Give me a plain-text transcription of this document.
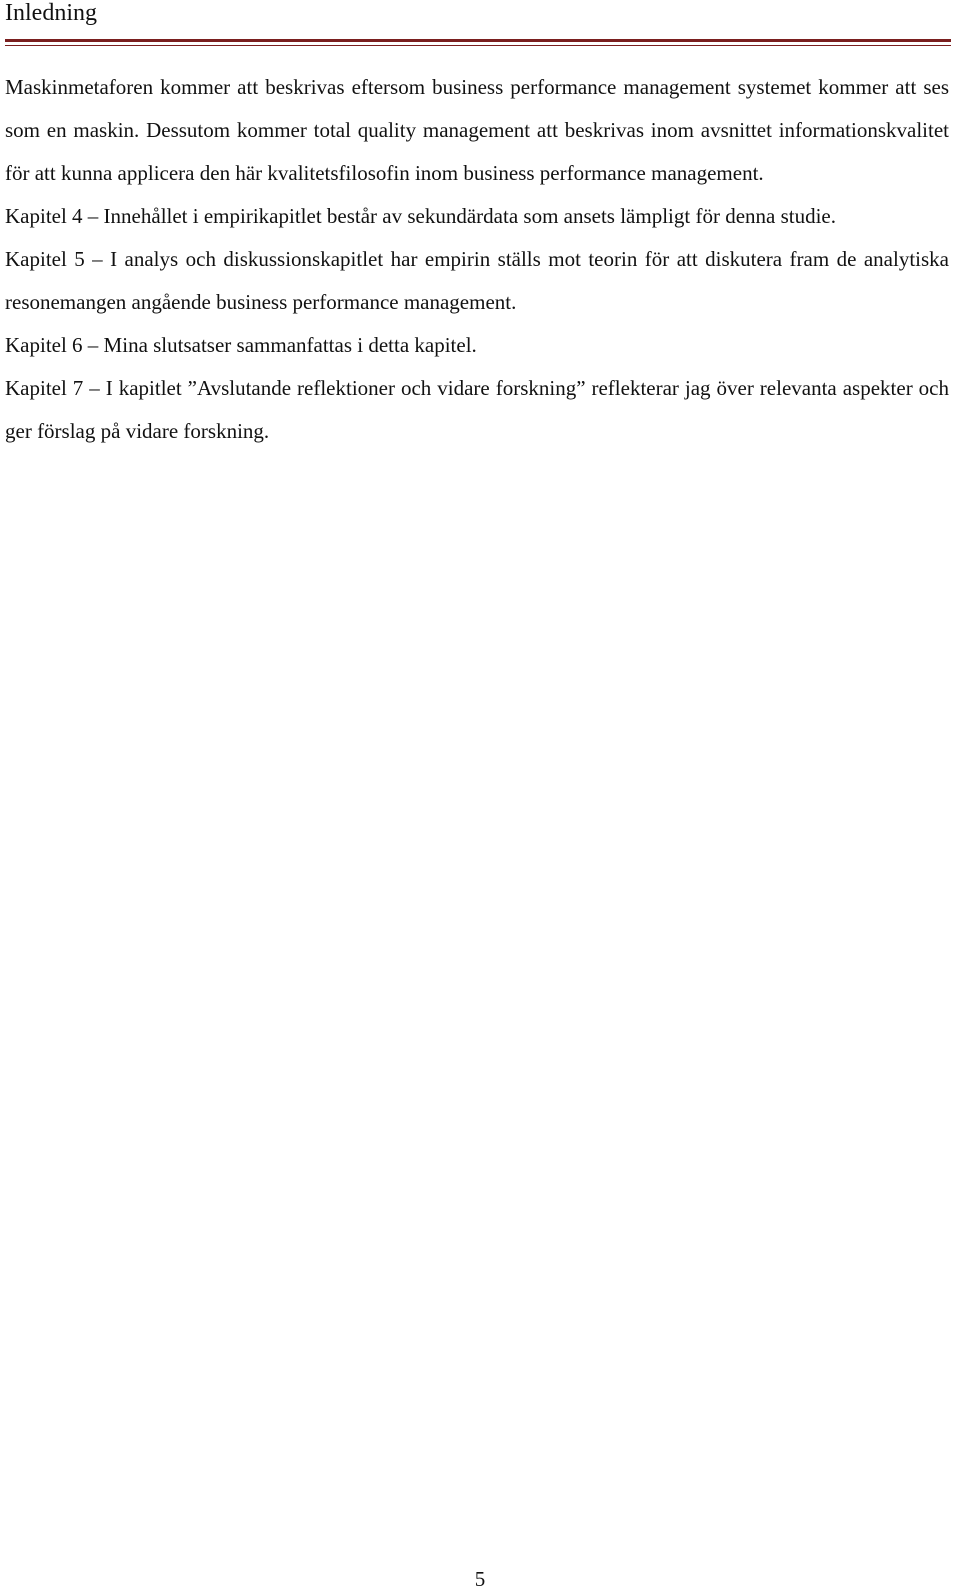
Inledning

Maskinmetaforen kommer att beskrivas eftersom business performance management systemet kommer att ses som en maskin. Dessutom kommer total quality management att beskrivas inom avsnittet informationskvalitet för att kunna applicera den här kvalitetsfilosofin inom business performance management.

Kapitel 4 – Innehållet i empirikapitlet består av sekundärdata som ansets lämpligt för denna studie.

Kapitel 5 – I analys och diskussionskapitlet har empirin ställs mot teorin för att diskutera fram de analytiska resonemangen angående business performance management.

Kapitel 6 – Mina slutsatser sammanfattas i detta kapitel.

Kapitel 7 – I kapitlet ”Avslutande reflektioner och vidare forskning” reflekterar jag över relevanta aspekter och ger förslag på vidare forskning.

5
